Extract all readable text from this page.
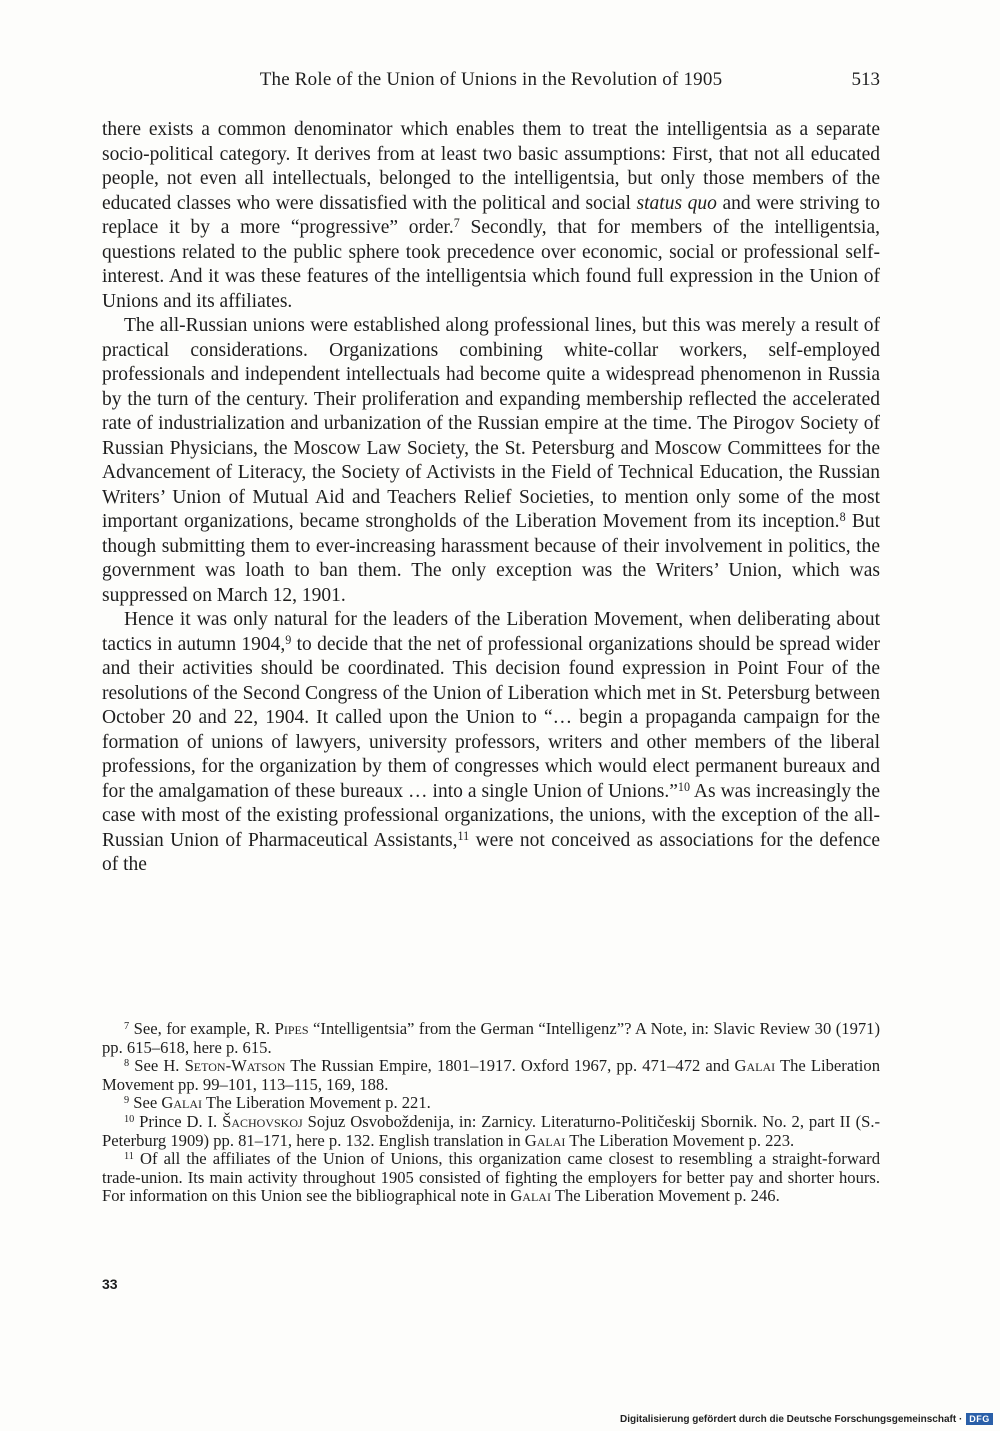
The Role of the Union of Unions in the Revolution of 1905	513

there exists a common denominator which enables them to treat the intelligentsia as a separate socio-political category. It derives from at least two basic assumptions: First, that not all educated people, not even all intellectuals, belonged to the intelligentsia, but only those members of the educated classes who were dissatisfied with the political and social status quo and were striving to replace it by a more “progressive” order.$^7$ Secondly, that for members of the intelligentsia, questions related to the public sphere took precedence over economic, social or professional self-interest. And it was these features of the intelligentsia which found full expression in the Union of Unions and its affiliates.

The all-Russian unions were established along professional lines, but this was merely a result of practical considerations. Organizations combining white-collar workers, self-employed professionals and independent intellectuals had become quite a widespread phenomenon in Russia by the turn of the century. Their proliferation and expanding membership reflected the accelerated rate of industrialization and urbanization of the Russian empire at the time. The Pirogov Society of Russian Physicians, the Moscow Law Society, the St. Petersburg and Moscow Committees for the Advancement of Literacy, the Society of Activists in the Field of Technical Education, the Russian Writers’ Union of Mutual Aid and Teachers Relief Societies, to mention only some of the most important organizations, became strongholds of the Liberation Movement from its inception.$^8$ But though submitting them to ever-increasing harassment because of their involvement in politics, the government was loath to ban them. The only exception was the Writers’ Union, which was suppressed on March 12, 1901.

Hence it was only natural for the leaders of the Liberation Movement, when deliberating about tactics in autumn 1904,$^9$ to decide that the net of professional organizations should be spread wider and their activities should be coordinated. This decision found expression in Point Four of the resolutions of the Second Congress of the Union of Liberation which met in St. Petersburg between October 20 and 22, 1904. It called upon the Union to “… begin a propaganda campaign for the formation of unions of lawyers, university professors, writers and other members of the liberal professions, for the organization by them of congresses which would elect permanent bureaux and for the amalgamation of these bureaux … into a single Union of Unions.”$^{10}$ As was increasingly the case with most of the existing professional organizations, the unions, with the exception of the all-Russian Union of Pharmaceutical Assistants,$^{11}$ were not conceived as associations for the defence of the

$^7$ See, for example, R. Pipes “Intelligentsia” from the German “Intelligenz”? A Note, in: Slavic Review 30 (1971) pp. 615–618, here p. 615.

$^8$ See H. Seton-Watson The Russian Empire, 1801–1917. Oxford 1967, pp. 471–472 and Galai The Liberation Movement pp. 99–101, 113–115, 169, 188.

$^9$ See Galai The Liberation Movement p. 221.

$^{10}$ Prince D. I. Šachovskoj Sojuz Osvoboždenija, in: Zarnicy. Literaturno-Političeskij Sbornik. No. 2, part II (S.-Peterburg 1909) pp. 81–171, here p. 132. English translation in Galai The Liberation Movement p. 223.

$^{11}$ Of all the affiliates of the Union of Unions, this organization came closest to resembling a straight-forward trade-union. Its main activity throughout 1905 consisted of fighting the employers for better pay and shorter hours. For information on this Union see the bibliographical note in Galai The Liberation Movement p. 246.

33
Digitalisierung gefördert durch die Deutsche Forschungsgemeinschaft · DFG
